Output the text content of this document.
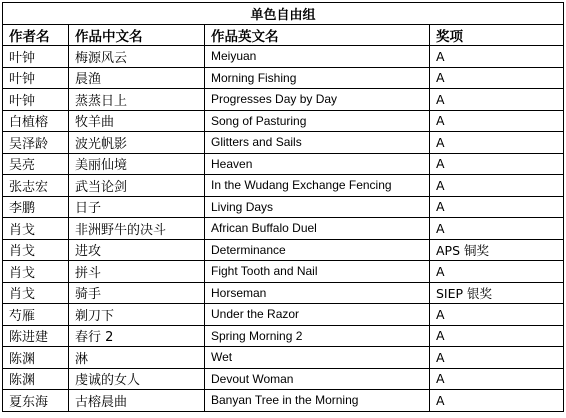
单色自由组			
作者名	作品中文名	作品英文名	奖项
叶钟	梅源风云	Meiyuan	A
叶钟	晨渔	Morning Fishing	A
叶钟	蒸蒸日上	Progresses Day by Day	A
白植榕	牧羊曲	Song of Pasturing	A
吴泽龄	波光帆影	Glitters and Sails	A
吴亮	美丽仙境	Heaven	A
张志宏	武当论剑	In the Wudang Exchange Fencing	A
李鹏	日子	Living Days	A
肖戈	非洲野牛的决斗	African Buffalo Duel	A
肖戈	进攻	Determinance	APS 铜奖
肖戈	拼斗	Fight Tooth and Nail	A
肖戈	骑手	Horseman	SIEP 银奖
芍雁	剃刀下	Under the Razor	A
陈进建	春行 2	Spring Morning 2	A
陈渊	淋	Wet	A
陈渊	虔诚的女人	Devout Woman	A
夏东海	古榕晨曲	Banyan Tree in the Morning	A
